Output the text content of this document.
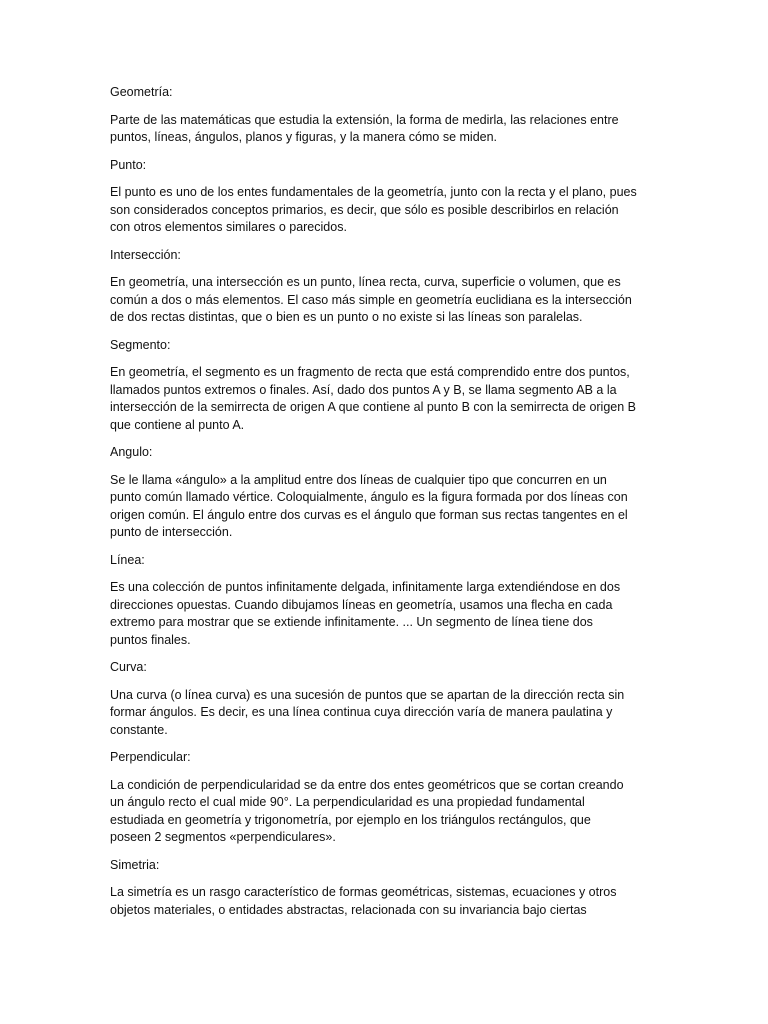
Geometría:
Parte de las matemáticas que estudia la extensión, la forma de medirla, las relaciones entre
puntos, líneas, ángulos, planos y figuras, y la manera cómo se miden.
Punto:
El punto es uno de los entes fundamentales de la geometría, junto con la recta y el plano, pues
son considerados conceptos primarios, es decir, que sólo es posible describirlos en relación
con otros elementos similares o parecidos.
Intersección:
En geometría, una intersección es un punto, línea recta, curva, superficie o volumen, que es
común a dos o más elementos. El caso más simple en geometría euclidiana es la intersección
de dos rectas distintas, que o bien es un punto o no existe si las líneas son paralelas.
Segmento:
En geometría, el segmento es un fragmento de recta que está comprendido entre dos puntos,
llamados puntos extremos o finales. Así, dado dos puntos A y B, se llama segmento AB a la
intersección de la semirrecta de origen A que contiene al punto B con la semirrecta de origen B
que contiene al punto A.
Angulo:
Se le llama «ángulo» a la amplitud entre dos líneas de cualquier tipo que concurren en un
punto común llamado vértice. Coloquialmente, ángulo es la figura formada por dos líneas con
origen común. El ángulo entre dos curvas es el ángulo que forman sus rectas tangentes en el
punto de intersección.
Línea:
Es una colección de puntos infinitamente delgada, infinitamente larga extendiéndose en dos
direcciones opuestas. Cuando dibujamos líneas en geometría, usamos una flecha en cada
extremo para mostrar que se extiende infinitamente. ... Un segmento de línea tiene dos
puntos finales.
Curva:
Una curva (o línea curva) es una sucesión de puntos que se apartan de la dirección recta sin
formar ángulos. Es decir, es una línea continua cuya dirección varía de manera paulatina y
constante.
Perpendicular:
La condición de perpendicularidad se da entre dos entes geométricos que se cortan creando
un ángulo recto el cual mide 90°. La perpendicularidad es una propiedad fundamental
estudiada en geometría y trigonometría, por ejemplo en los triángulos rectángulos, que
poseen 2 segmentos «perpendiculares».
Simetria:
La simetría es un rasgo característico de formas geométricas, sistemas, ecuaciones y otros
objetos materiales, o entidades abstractas, relacionada con su invariancia bajo ciertas
